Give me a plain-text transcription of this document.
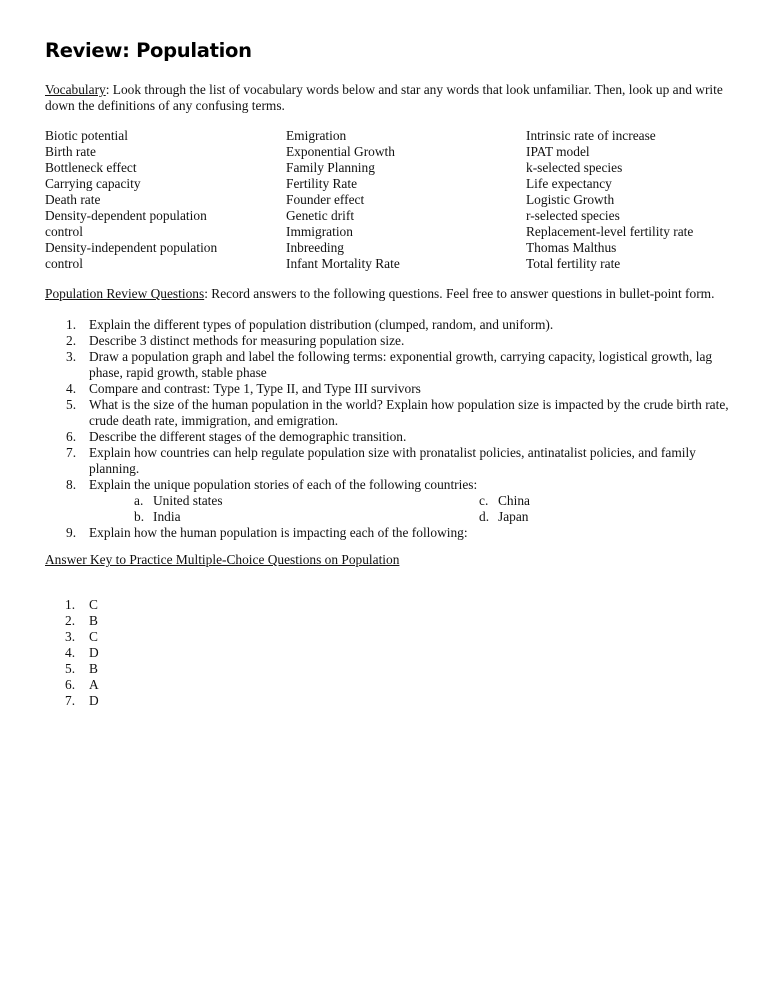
Review: Population
Vocabulary: Look through the list of vocabulary words below and star any words that look unfamiliar. Then, look up and write down the definitions of any confusing terms.
Biotic potential
Birth rate
Bottleneck effect
Carrying capacity
Death rate
Density-dependent population control
Density-independent population control
Emigration
Exponential Growth
Family Planning
Fertility Rate
Founder effect
Genetic drift
Immigration
Inbreeding
Infant Mortality Rate
Intrinsic rate of increase
IPAT model
k-selected species
Life expectancy
Logistic Growth
r-selected species
Replacement-level fertility rate
Thomas Malthus
Total fertility rate
Population Review Questions: Record answers to the following questions. Feel free to answer questions in bullet-point form.
1. Explain the different types of population distribution (clumped, random, and uniform).
2. Describe 3 distinct methods for measuring population size.
3. Draw a population graph and label the following terms: exponential growth, carrying capacity, logistical growth, lag phase, rapid growth, stable phase
4. Compare and contrast: Type 1, Type II, and Type III survivors
5. What is the size of the human population in the world? Explain how population size is impacted by the crude birth rate, crude death rate, immigration, and emigration.
6. Describe the different stages of the demographic transition.
7. Explain how countries can help regulate population size with pronatalist policies, antinatalist policies, and family planning.
8. Explain the unique population stories of each of the following countries:
a. United states	c. China
b. India	d. Japan
9. Explain how the human population is impacting each of the following:
Answer Key to Practice Multiple-Choice Questions on Population
1. C
2. B
3. C
4. D
5. B
6. A
7. D
